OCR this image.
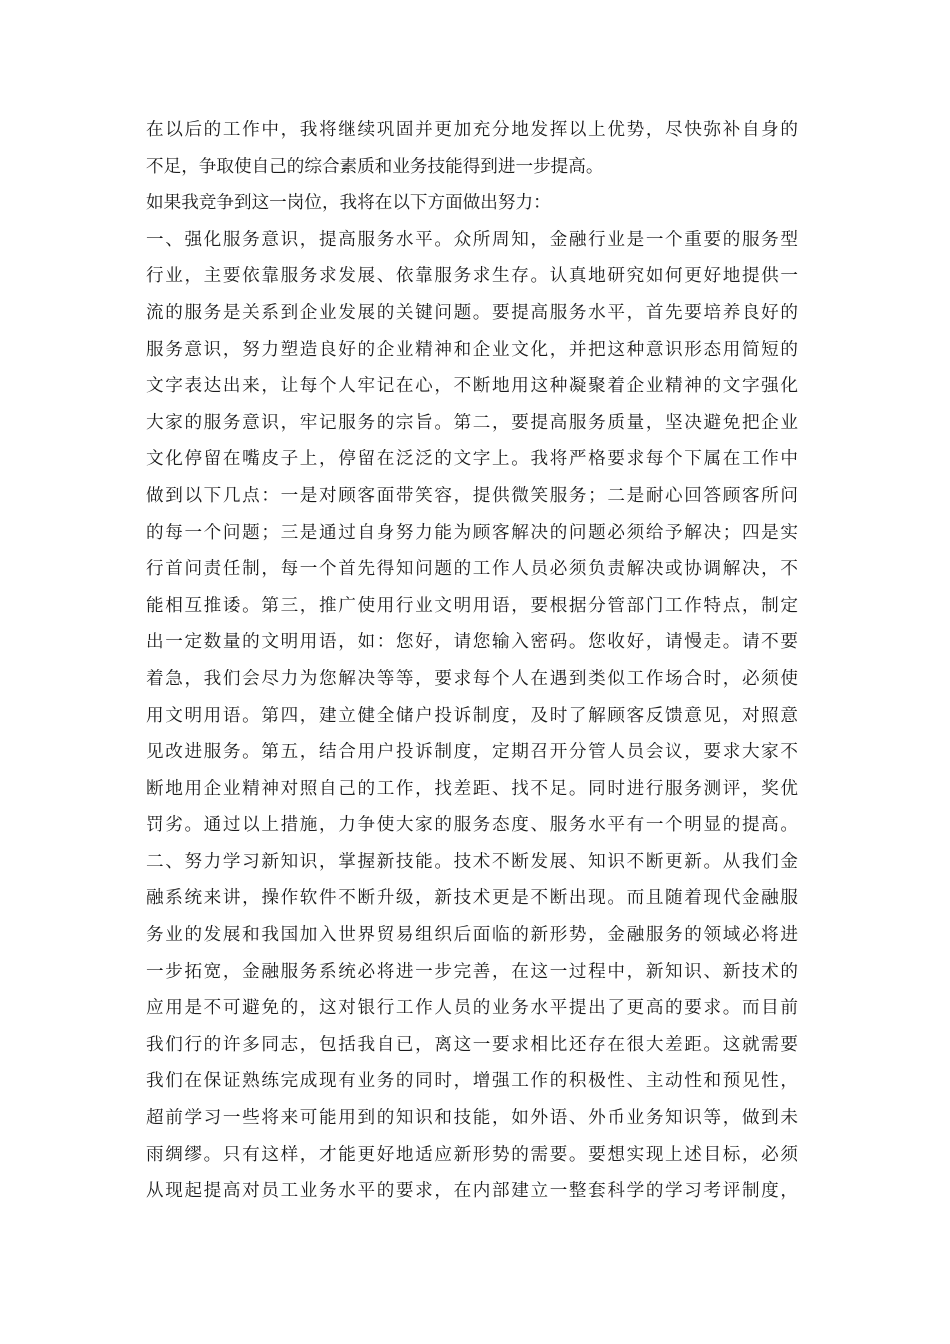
在以后的工作中，我将继续巩固并更加充分地发挥以上优势，尽快弥补自身的
不足，争取使自己的综合素质和业务技能得到进一步提高。
如果我竞争到这一岗位，我将在以下方面做出努力：
一、强化服务意识，提高服务水平。众所周知，金融行业是一个重要的服务型
行业，主要依靠服务求发展、依靠服务求生存。认真地研究如何更好地提供一
流的服务是关系到企业发展的关键问题。要提高服务水平，首先要培养良好的
服务意识，努力塑造良好的企业精神和企业文化，并把这种意识形态用简短的
文字表达出来，让每个人牢记在心，不断地用这种凝聚着企业精神的文字强化
大家的服务意识，牢记服务的宗旨。第二，要提高服务质量，坚决避免把企业
文化停留在嘴皮子上，停留在泛泛的文字上。我将严格要求每个下属在工作中
做到以下几点：一是对顾客面带笑容，提供微笑服务；二是耐心回答顾客所问
的每一个问题；三是通过自身努力能为顾客解决的问题必须给予解决；四是实
行首问责任制，每一个首先得知问题的工作人员必须负责解决或协调解决，不
能相互推诿。第三，推广使用行业文明用语，要根据分管部门工作特点，制定
出一定数量的文明用语，如：您好，请您输入密码。您收好，请慢走。请不要
着急，我们会尽力为您解决等等，要求每个人在遇到类似工作场合时，必须使
用文明用语。第四，建立健全储户投诉制度，及时了解顾客反馈意见，对照意
见改进服务。第五，结合用户投诉制度，定期召开分管人员会议，要求大家不
断地用企业精神对照自己的工作，找差距、找不足。同时进行服务测评，奖优
罚劣。通过以上措施，力争使大家的服务态度、服务水平有一个明显的提高。
二、努力学习新知识，掌握新技能。技术不断发展、知识不断更新。从我们金
融系统来讲，操作软件不断升级，新技术更是不断出现。而且随着现代金融服
务业的发展和我国加入世界贸易组织后面临的新形势，金融服务的领域必将进
一步拓宽，金融服务系统必将进一步完善，在这一过程中，新知识、新技术的
应用是不可避免的，这对银行工作人员的业务水平提出了更高的要求。而目前
我们行的许多同志，包括我自已，离这一要求相比还存在很大差距。这就需要
我们在保证熟练完成现有业务的同时，增强工作的积极性、主动性和预见性，
超前学习一些将来可能用到的知识和技能，如外语、外币业务知识等，做到未
雨绸缪。只有这样，才能更好地适应新形势的需要。要想实现上述目标，必须
从现起提高对员工业务水平的要求，在内部建立一整套科学的学习考评制度，
